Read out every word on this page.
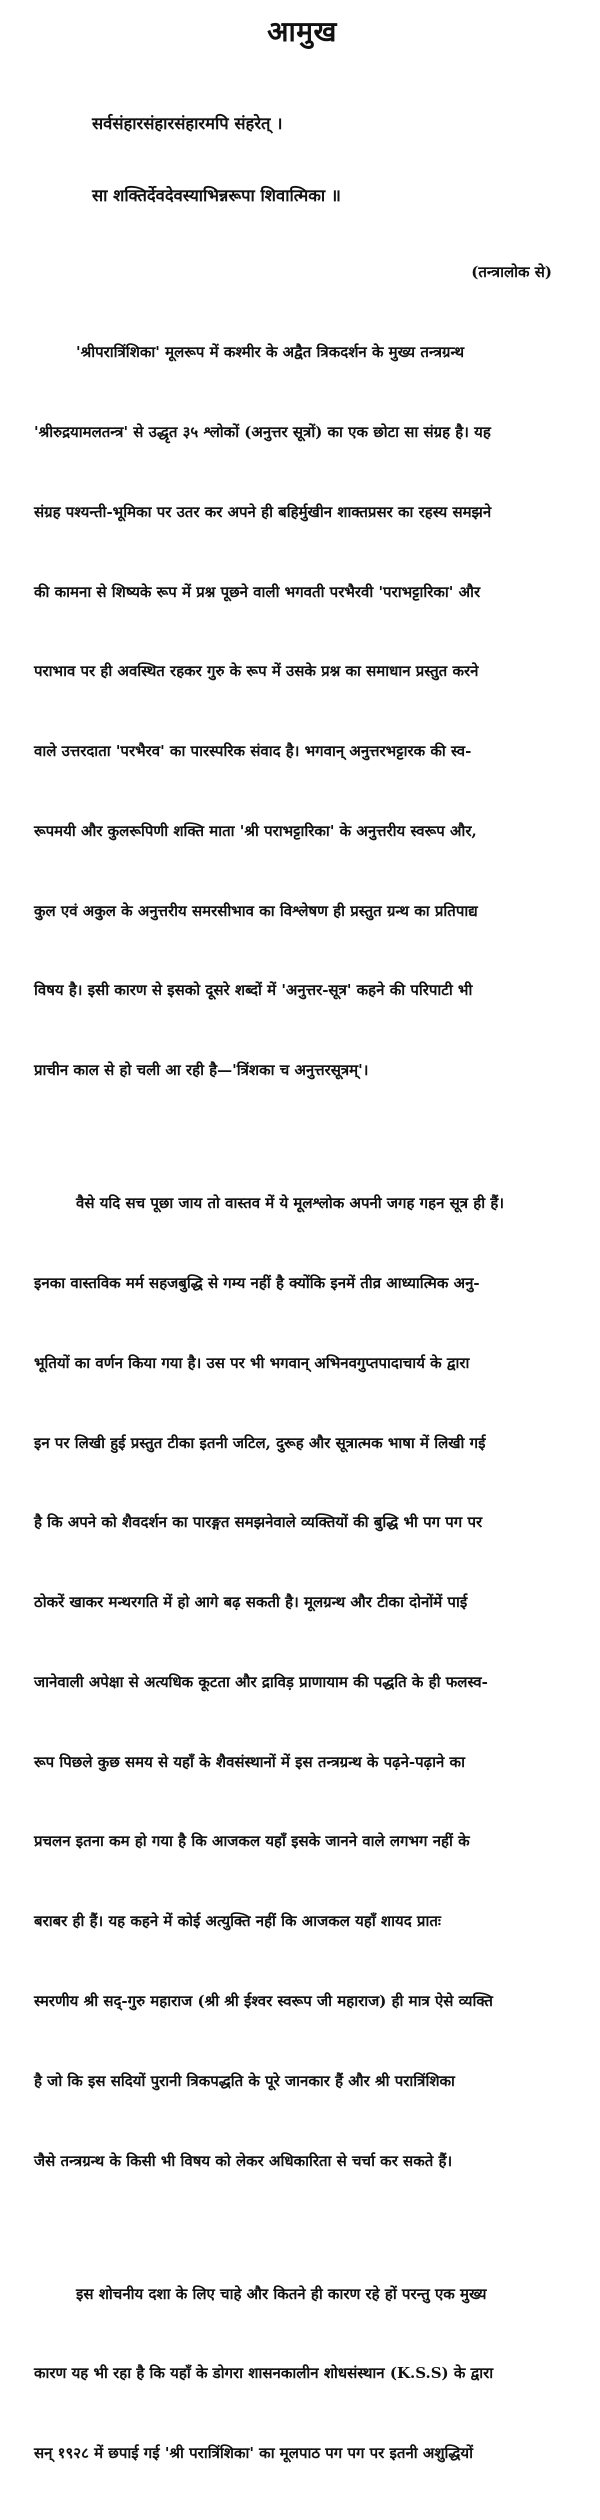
आमुख

सर्वसंहारसंहारसंहारमपि संहरेत् ।

सा शक्तिर्देवदेवस्याभिन्नरूपा शिवात्मिका ॥

(तन्त्रालोक से)

'श्रीपरात्रिंशिका' मूलरूप में कश्मीर के अद्वैत त्रिकदर्शन के मुख्य तन्त्रग्रन्थ

'श्रीरुद्रयामलतन्त्र' से उद्धृत ३५ श्लोकों (अनुत्तर सूत्रों) का एक छोटा सा संग्रह है। यह

संग्रह पश्यन्ती-भूमिका पर उतर कर अपने ही बहिर्मुखीन शाक्तप्रसर का रहस्य समझने

की कामना से शिष्यके रूप में प्रश्न पूछने वाली भगवती परभैरवी 'पराभट्टारिका' और

पराभाव पर ही अवस्थित रहकर गुरु के रूप में उसके प्रश्न का समाधान प्रस्तुत करने

वाले उत्तरदाता 'परभैरव' का पारस्परिक संवाद है। भगवान् अनुत्तरभट्टारक की स्व-

रूपमयी और कुलरूपिणी शक्ति माता 'श्री पराभट्टारिका' के अनुत्तरीय स्वरूप और,

कुल एवं अकुल के अनुत्तरीय समरसीभाव का विश्लेषण ही प्रस्तुत ग्रन्थ का प्रतिपाद्य

विषय है। इसी कारण से इसको दूसरे शब्दों में 'अनुत्तर-सूत्र' कहने की परिपाटी भी

प्राचीन काल से हो चली आ रही है—'त्रिंशका च अनुत्तरसूत्रम्'।

वैसे यदि सच पूछा जाय तो वास्तव में ये मूलश्लोक अपनी जगह गहन सूत्र ही हैं।

इनका वास्तविक मर्म सहजबुद्धि से गम्य नहीं है क्योंकि इनमें तीव्र आध्यात्मिक अनु-

भूतियों का वर्णन किया गया है। उस पर भी भगवान् अभिनवगुप्तपादाचार्य के द्वारा

इन पर लिखी हुई प्रस्तुत टीका इतनी जटिल, दुरूह और सूत्रात्मक भाषा में लिखी गई

है कि अपने को शैवदर्शन का पारङ्गत समझनेवाले व्यक्तियों की बुद्धि भी पग पग पर

ठोकरें खाकर मन्थरगति में हो आगे बढ़ सकती है। मूलग्रन्थ और टीका दोनोंमें पाई

जानेवाली अपेक्षा से अत्यधिक कूटता और द्राविड़ प्राणायाम की पद्धति के ही फलस्व-

रूप पिछले कुछ समय से यहाँ के शैवसंस्थानों में इस तन्त्रग्रन्थ के पढ़ने-पढ़ाने का

प्रचलन इतना कम हो गया है कि आजकल यहाँ इसके जानने वाले लगभग नहीं के

बराबर ही हैं। यह कहने में कोई अत्युक्ति नहीं कि आजकल यहाँ शायद प्रातः

स्मरणीय श्री सद्-गुरु महाराज (श्री श्री ईश्वर स्वरूप जी महाराज) ही मात्र ऐसे व्यक्ति

है जो कि इस सदियों पुरानी त्रिकपद्धति के पूरे जानकार हैं और श्री परात्रिंशिका

जैसे तन्त्रग्रन्थ के किसी भी विषय को लेकर अधिकारिता से चर्चा कर सकते हैं।

इस शोचनीय दशा के लिए चाहे और कितने ही कारण रहे हों परन्तु एक मुख्य

कारण यह भी रहा है कि यहाँ के डोगरा शासनकालीन शोधसंस्थान (K.S.S) के द्वारा

सन् १९२८ में छपाई गई 'श्री परात्रिंशिका' का मूलपाठ पग पग पर इतनी अशुद्धियों
